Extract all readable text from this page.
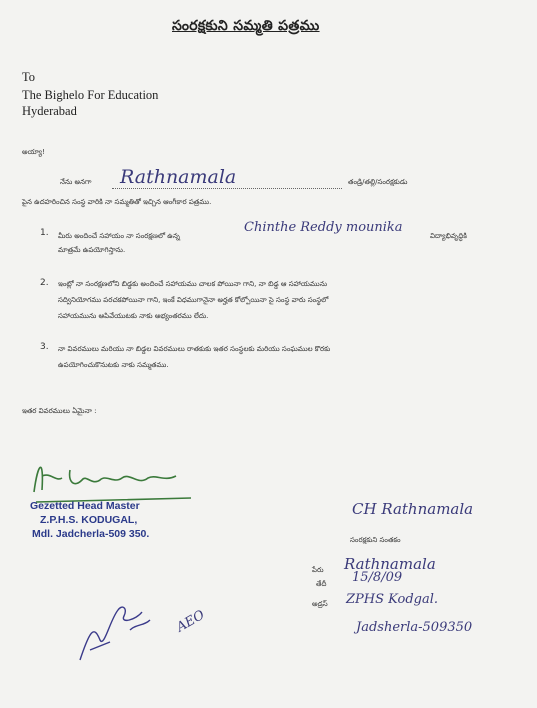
సంరక్షకుని సమ్మతి పత్రము
To
The Bighelo For Education
Hyderabad
అయ్యా!
నేను అనగా Rathnamala	తండ్రి/తల్లి/సంరక్షకుడు
పైన ఉదహరించిన సంస్థ వారికి నా సమ్మతితో ఇచ్చిన ఆంగీకార పత్రము.
1. మీరు అందించే సహాయం నా సంరక్షణలో ఉన్న
Chinthe Reddy mounika
విద్యాభివృద్ధికి
మాత్రమే ఉపయోగిస్తాను.
2. ఇంట్లో నా సంరక్షణలోని బిడ్డకు అందించే సహాయము చాలక పోయినా గాని, నా బిడ్డ ఆ సహాయమును
సద్వినియోగము పరచకపోయినా గాని, ఇంకే విధముగానైనా అర్హత కోల్పోయినా సై సంస్థ వారు సంస్థలో
సహాయమును ఆపివేయుటకు నాకు అభ్యంతరము లేదు.
3. నా వివరములు మరియు నా బిడ్డల వివరములు రాతకుకు ఇతర సంస్థలకు మరియు సంఘముల కొరకు
ఉపయోగించుకొనుటకు నాకు సమ్మతము.
ఇతర వివరములు ఏమైనా :
Gezetted Head Master
Z.P.H.S. KODUGAL,
Mdl. Jadcherla-509 350.
CH Rathnamala
సంరక్షకుని సంతకం
పేరు Rathnamala
తేదీ 15/8/09
అడ్రస్ ZPHS Kodgal.
Jadsherla-509350
AEO
